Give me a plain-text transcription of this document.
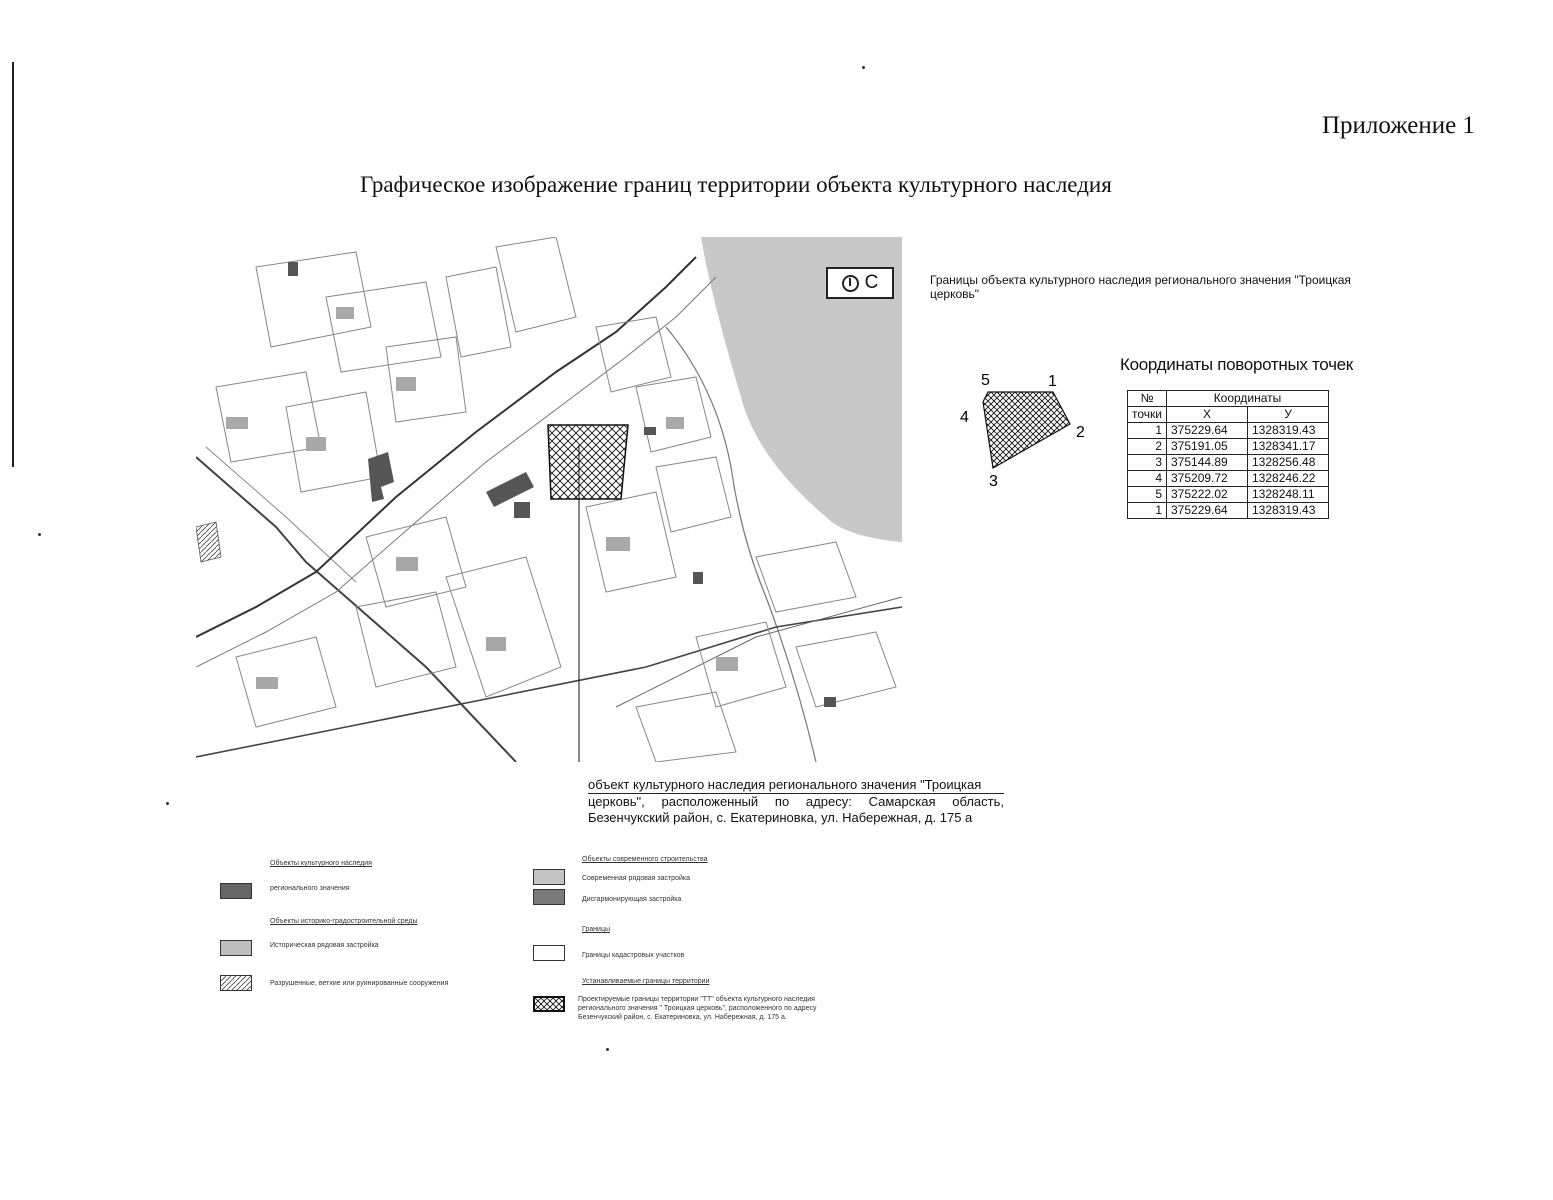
Приложение 1
Графическое изображение границ территории объекта культурного наследия
С	Границы объекта культурного наследия регионального значения "Троицкая церковь"
1
2
3
4
5
Координаты поворотных точек
№	Координаты	
точки	X	У
1	375229.64	1328319.43
2	375191.05	1328341.17
3	375144.89	1328256.48
4	375209.72	1328246.22
5	375222.02	1328248.11
1	375229.64	1328319.43
объект культурного наследия регионального значения "Троицкая
церковь", расположенный по адресу: Самарская область, Безенчукский район, с. Екатериновка, ул. Набережная, д. 175 а
Объекты культурного наследия
регионального значения
Объекты историко-градостроительной среды
Историческая рядовая застройка
Разрушенные, ветхие или руинированные сооружения
Объекты современного строительства
Современная рядовая застройка
Дисгармонирующая застройка
Границы
Границы кадастровых участков
Устанавливаемые границы территории
Проектируемые границы территории "ТТ" объекта культурного наследия регионального значения " Троицкая церковь", расположенного по адресу Безенчукский район, с. Екатериновка, ул. Набережная, д. 175 а.
